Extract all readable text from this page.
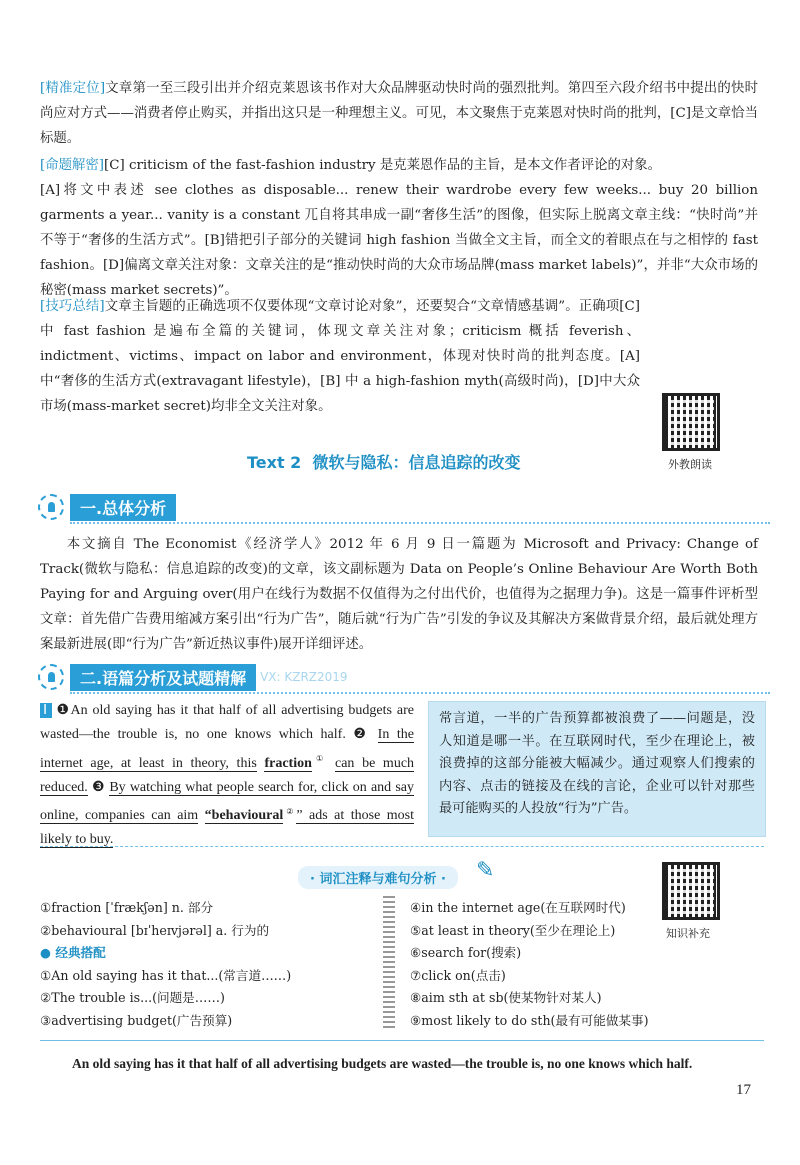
[精准定位]文章第一至三段引出并介绍克莱恩该书作对大众品牌驱动快时尚的强烈批判。第四至六段介绍书中提出的快时尚应对方式——消费者停止购买，并指出这只是一种理想主义。可见，本文聚焦于克莱恩对快时尚的批判，[C]是文章恰当标题。
[命题解密][C] criticism of the fast-fashion industry 是克莱恩作品的主旨，是本文作者评论的对象。
[A]将文中表述 see clothes as disposable... renew their wardrobe every few weeks... buy 20 billion garments a year... vanity is a constant 兀自将其串成一副“奢侈生活”的图像，但实际上脱离文章主线：“快时尚”并不等于“奢侈的生活方式”。[B]错把引子部分的关键词 high fashion 当做全文主旨，而全文的着眼点在与之相悖的 fast fashion。[D]偏离文章关注对象：文章关注的是“推动快时尚的大众市场品牌(mass market labels)”，并非“大众市场的秘密(mass market secrets)”。
[技巧总结]文章主旨题的正确选项不仅要体现“文章讨论对象”，还要契合“文章情感基调”。正确项[C]中 fast fashion 是遍布全篇的关键词，体现文章关注对象；criticism 概括 feverish、indictment、victims、impact on labor and environment，体现对快时尚的批判态度。[A] 中“奢侈的生活方式(extravagant lifestyle)，[B] 中 a high-fashion myth(高级时尚)，[D]中大众市场(mass-market secret)均非全文关注对象。
外教朗读
Text 2  微软与隐私：信息追踪的改变
一.总体分析
本文摘自 The Economist《经济学人》2012 年 6 月 9 日一篇题为 Microsoft and Privacy: Change of Track(微软与隐私：信息追踪的改变)的文章，该文副标题为 Data on People’s Online Behaviour Are Worth Both Paying for and Arguing over(用户在线行为数据不仅值得为之付出代价，也值得为之据理力争)。这是一篇事件评析型文章：首先借广告费用缩减方案引出“行为广告”，随后就“行为广告”引发的争议及其解决方案做背景介绍，最后就处理方案最新进展(即“行为广告”新近热议事件)展开详细评述。
二.语篇分析及试题精解	VX: KZRZ2019
Ⅰ ❶An old saying has it that half of all advertising budgets are wasted—the trouble is, no one knows which half. ❷ In the internet age, at least in theory, this fraction① can be much reduced. ❸ By watching what people search for, click on and say online, companies can aim “behavioural②” ads at those most likely to buy.
常言道，一半的广告预算都被浪费了——问题是，没人知道是哪一半。在互联网时代，至少在理论上，被浪费掉的这部分能被大幅减少。通过观察人们搜索的内容、点击的链接及在线的言论，企业可以针对那些最可能购买的人投放“行为”广告。
· 词汇注释与难句分析 ·	✎
知识补充
①fraction [ˈfrækʃən] n. 部分
②behavioural [bɪˈheɪvjərəl] a. 行为的
● 经典搭配
①An old saying has it that...(常言道……)
②The trouble is...(问题是……)
③advertising budget(广告预算)
④in the internet age(在互联网时代)
⑤at least in theory(至少在理论上)
⑥search for(搜索)
⑦click on(点击)
⑧aim sth at sb(使某物针对某人)
⑨most likely to do sth(最有可能做某事)
An old saying has it that half of all advertising budgets are wasted—the trouble is, no one knows which half.
17
